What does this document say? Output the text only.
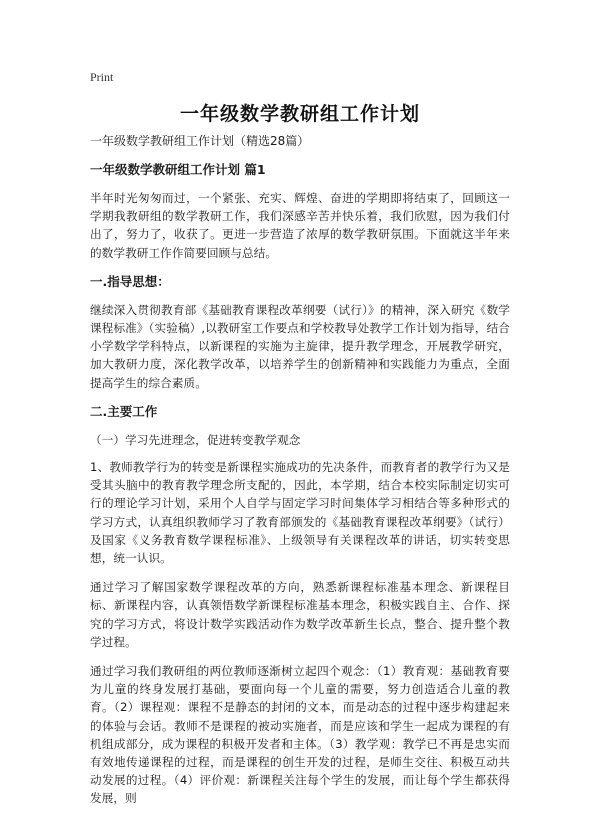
Print
一年级数学教研组工作计划

一年级数学教研组工作计划（精选28篇）

一年级数学教研组工作计划 篇1

半年时光匆匆而过，一个紧张、充实、辉煌、奋进的学期即将结束了，回顾这一学期我教研组的数学教研工作，我们深感辛苦并快乐着，我们欣慰，因为我们付出了，努力了，收获了。更进一步营造了浓厚的数学教研氛围。下面就这半年来的数学教研工作作简要回顾与总结。

一.指导思想：

继续深入贯彻教育部《基础教育课程改革纲要（试行）》的精神，深入研究《数学课程标准》（实验稿）,以教研室工作要点和学校教导处教学工作计划为指导，结合小学数学学科特点，以新课程的实施为主旋律，提升教学理念，开展教学研究，加大教研力度，深化教学改革，以培养学生的创新精神和实践能力为重点，全面提高学生的综合素质。

二.主要工作

（一）学习先进理念，促进转变教学观念

1、教师教学行为的转变是新课程实施成功的先决条件，而教育者的教学行为又是受其头脑中的教育教学理念所支配的，因此，本学期，结合本校实际制定切实可行的理论学习计划，采用个人自学与固定学习时间集体学习相结合等多种形式的学习方式，认真组织教师学习了教育部颁发的《基础教育课程改革纲要》（试行）及国家《义务教育数学课程标准》、上级领导有关课程改革的讲话，切实转变思想，统一认识。

通过学习了解国家数学课程改革的方向，熟悉新课程标准基本理念、新课程目标、新课程内容，认真领悟数学新课程标准基本理念，积极实践自主、合作、探究的学习方式，将设计数学实践活动作为数学改革新生长点，整合、提升整个教学过程。

通过学习我们教研组的两位教师逐渐树立起四个观念：（1）教育观：基础教育要为儿童的终身发展打基础，要面向每一个儿童的需要，努力创造适合儿童的教育。（2）课程观：课程不是静态的封闭的文本，而是动态的过程中逐步构建起来的体验与会话。教师不是课程的被动实施者，而是应该和学生一起成为课程的有机组成部分，成为课程的积极开发者和主体。（3）教学观：教学已不再是忠实而有效地传递课程的过程，而是课程的创生开发的过程，是师生交往、积极互动共动发展的过程。（4）评价观：新课程关注每个学生的发展，而让每个学生都获得发展，则
